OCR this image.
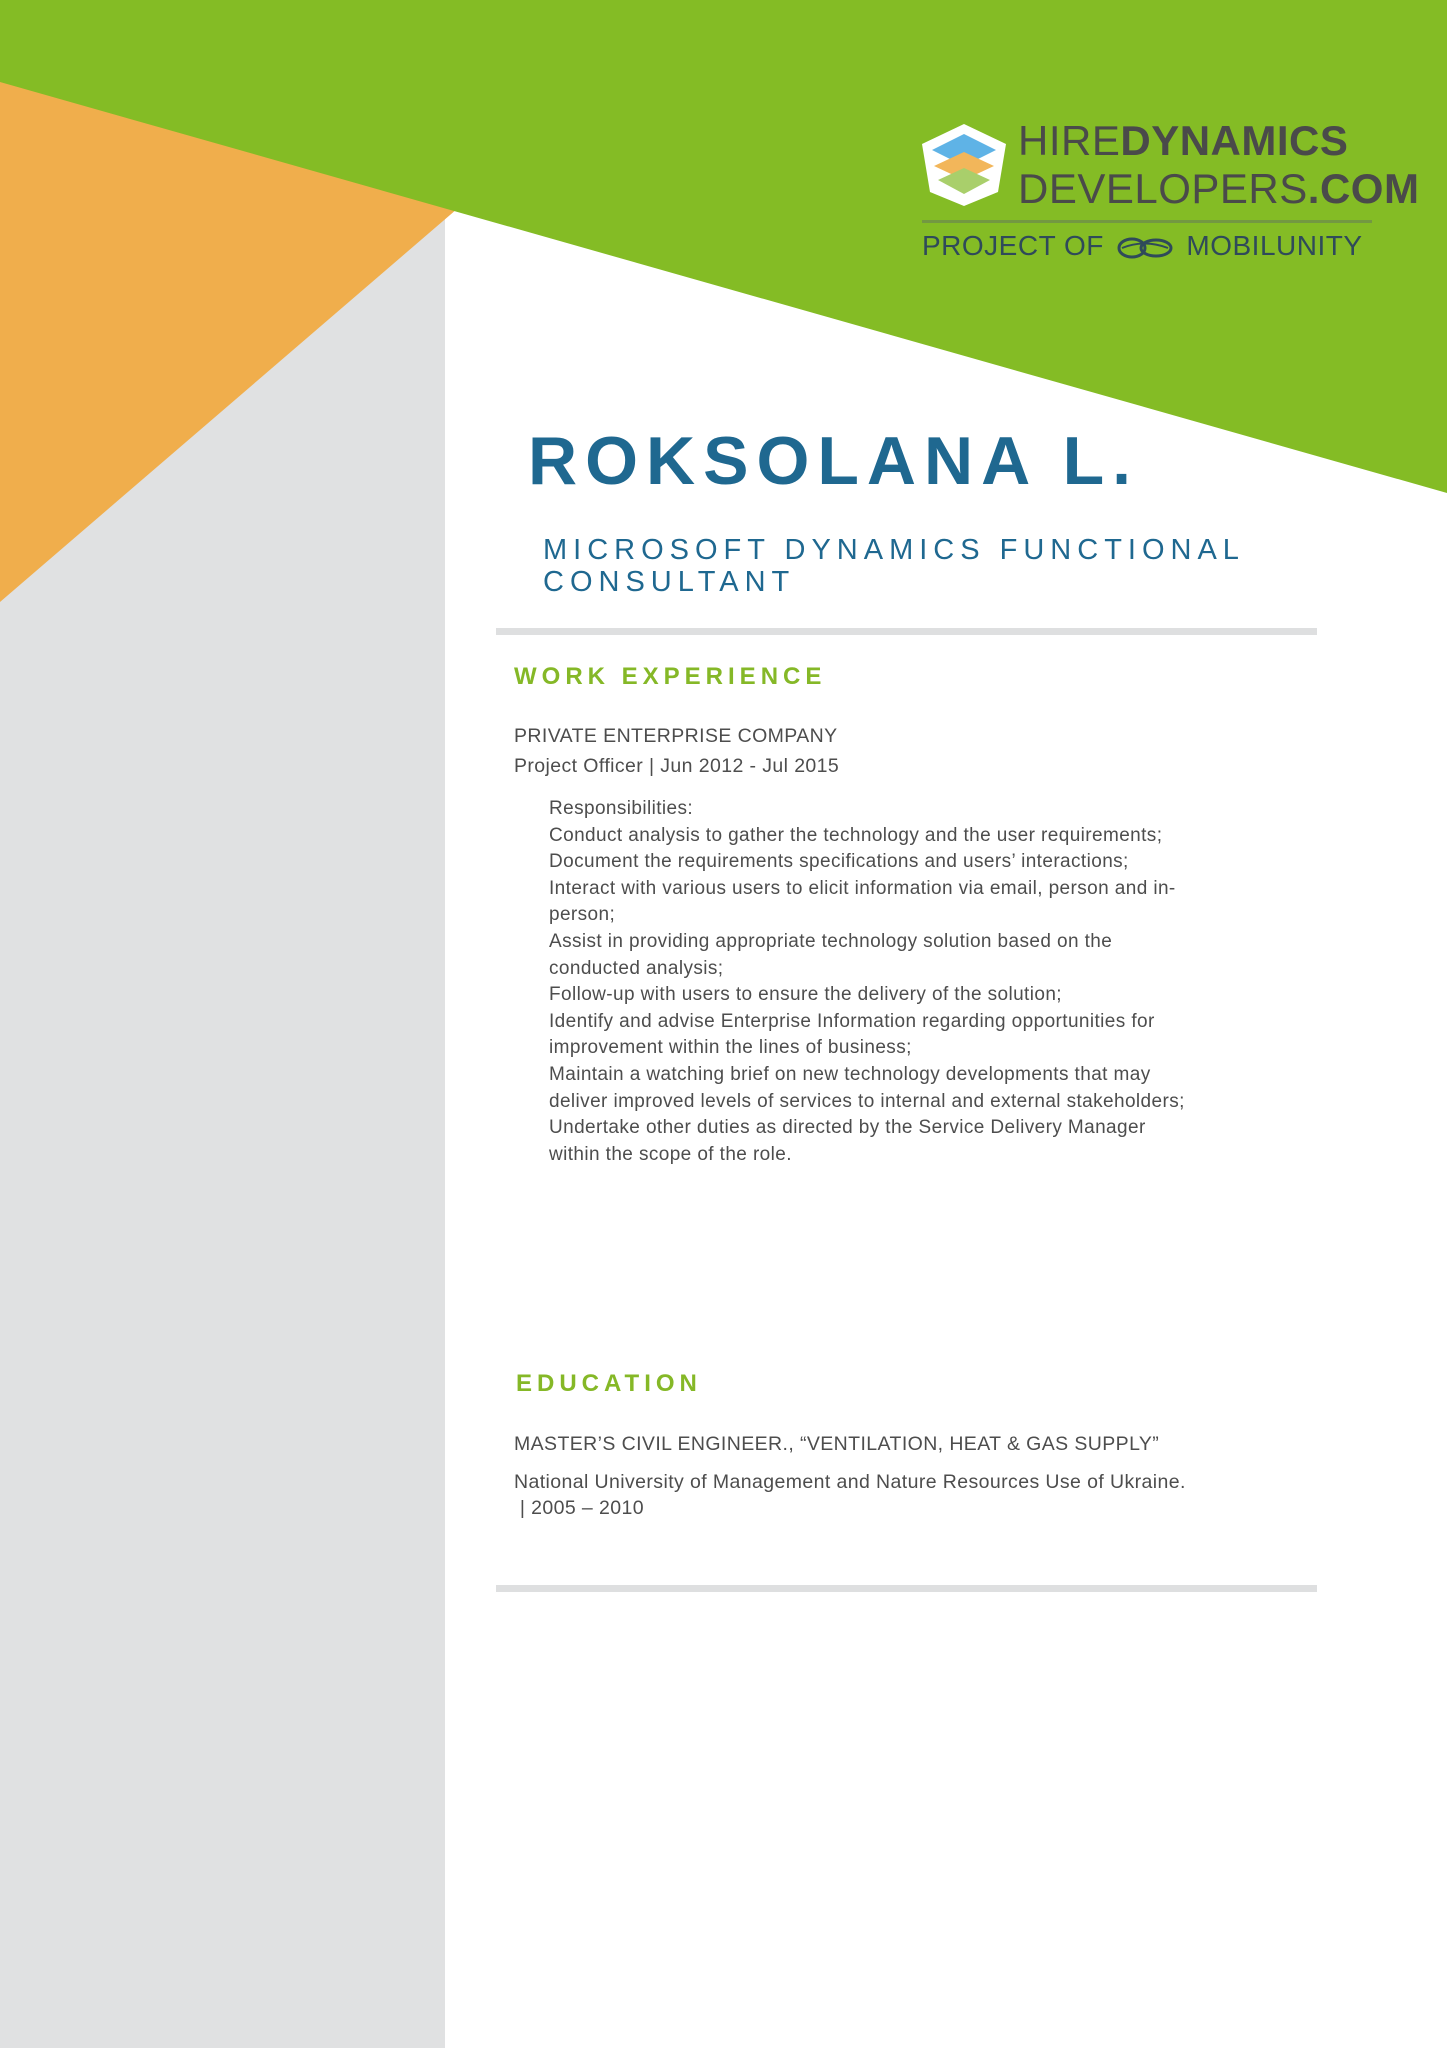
HIREDYNAMICS
DEVELOPERS.COM
PROJECT OF	MOBILUNITY
ROKSOLANA L.
MICROSOFT DYNAMICS FUNCTIONAL CONSULTANT
WORK EXPERIENCE
PRIVATE ENTERPRISE COMPANY
Project Officer | Jun 2012 - Jul 2015
Responsibilities:
Conduct analysis to gather the technology and the user requirements;
Document the requirements specifications and users’ interactions;
Interact with various users to elicit information via email, person and in-
person;
Assist in providing appropriate technology solution based on the
conducted analysis;
Follow-up with users to ensure the delivery of the solution;
Identify and advise Enterprise Information regarding opportunities for
improvement within the lines of business;
Maintain a watching brief on new technology developments that may
deliver improved levels of services to internal and external stakeholders;
Undertake other duties as directed by the Service Delivery Manager
within the scope of the role.
EDUCATION
MASTER’S CIVIL ENGINEER., “VENTILATION, HEAT & GAS SUPPLY”
National University of Management and Nature Resources Use of Ukraine.
| 2005 – 2010
